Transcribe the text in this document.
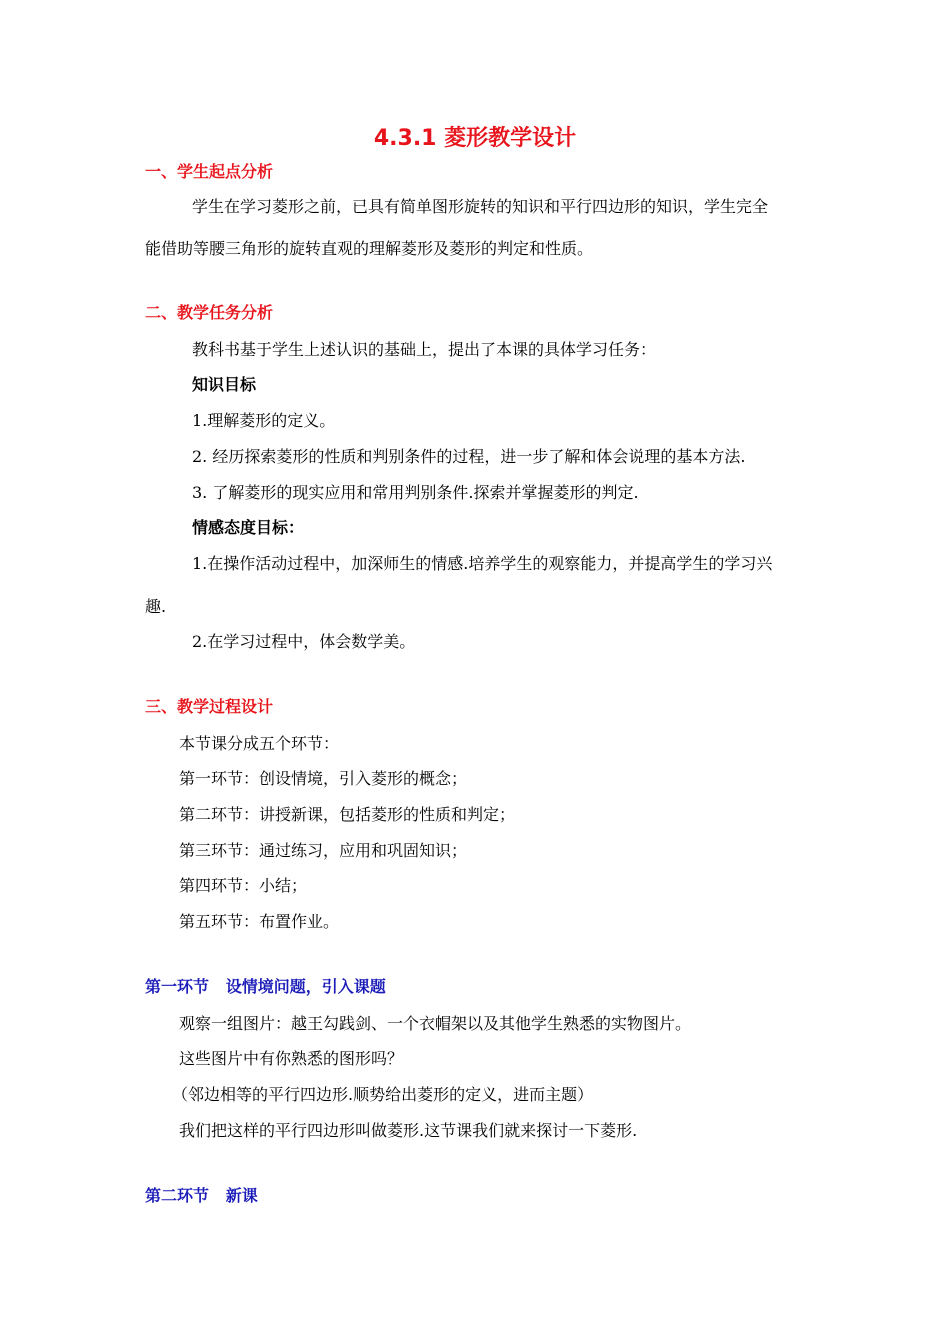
4.3.1 菱形教学设计
一、学生起点分析
学生在学习菱形之前，已具有简单图形旋转的知识和平行四边形的知识，学生完全
能借助等腰三角形的旋转直观的理解菱形及菱形的判定和性质。
二、教学任务分析
教科书基于学生上述认识的基础上，提出了本课的具体学习任务：
知识目标
1.理解菱形的定义。
2. 经历探索菱形的性质和判别条件的过程，进一步了解和体会说理的基本方法.
3. 了解菱形的现实应用和常用判别条件.探索并掌握菱形的判定.
情感态度目标：
1.在操作活动过程中，加深师生的情感.培养学生的观察能力，并提高学生的学习兴
趣.
2.在学习过程中，体会数学美。
三、教学过程设计
本节课分成五个环节：
第一环节：创设情境，引入菱形的概念；
第二环节：讲授新课，包括菱形的性质和判定；
第三环节：通过练习，应用和巩固知识；
第四环节：小结；
第五环节：布置作业。
第一环节   设情境问题，引入课题
观察一组图片：越王勾践剑、一个衣帽架以及其他学生熟悉的实物图片。
这些图片中有你熟悉的图形吗？
（邻边相等的平行四边形.顺势给出菱形的定义，进而主题）
我们把这样的平行四边形叫做菱形.这节课我们就来探讨一下菱形.
第二环节   新课
